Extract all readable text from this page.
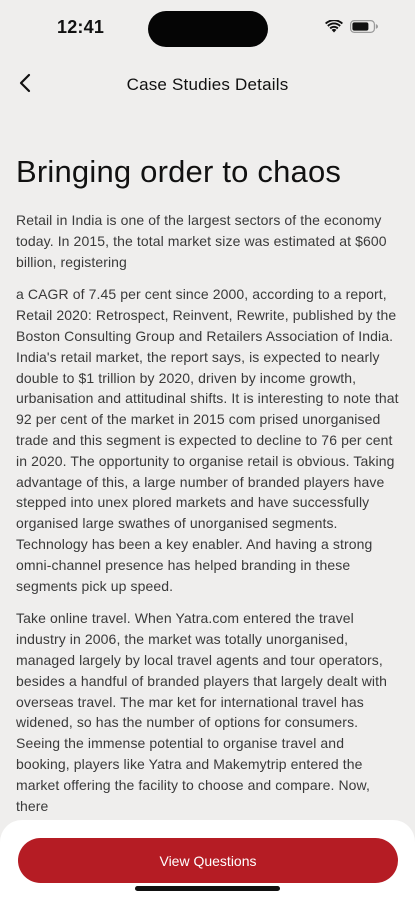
12:41
Case Studies Details
Bringing order to chaos

Retail in India is one of the largest sectors of the economy today. In 2015, the total market size was estimated at $600 billion, registering

a CAGR of 7.45 per cent since 2000, according to a report, Retail 2020: Retrospect, Reinvent, Rewrite, published by the Boston Consulting Group and Retailers Association of India. India's retail market, the report says, is expected to nearly double to $1 trillion by 2020, driven by income growth, urbanisation and attitudinal shifts. It is interesting to note that 92 per cent of the market in 2015 com prised unorganised trade and this segment is expected to decline to 76 per cent in 2020. The opportunity to organise retail is obvious. Taking advantage of this, a large number of branded players have stepped into unex plored markets and have successfully organised large swathes of unorganised segments. Technology has been a key enabler. And having a strong omni-channel presence has helped branding in these segments pick up speed.

Take online travel. When Yatra.com entered the travel industry in 2006, the market was totally unorganised, managed largely by local travel agents and tour operators, besides a handful of branded players that largely dealt with overseas travel. The mar ket for international travel has widened, so has the number of options for consumers. Seeing the immense potential to organise travel and booking, players like Yatra and Makemytrip entered the market offering the facility to choose and compare. Now, there

View Questions
